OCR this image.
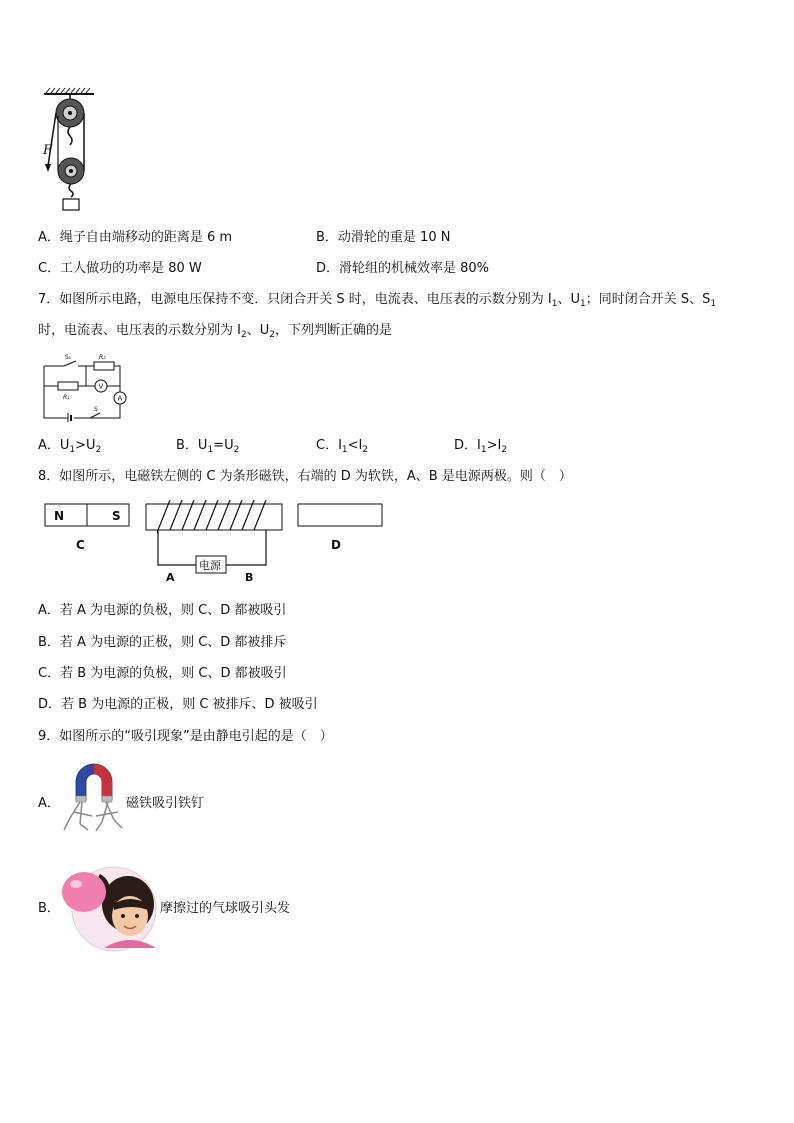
F
A．绳子自由端移动的距离是 6 m	B．动滑轮的重是 10 N
C．工人做功的功率是 80 W	D．滑轮组的机械效率是 80%
7．如图所示电路，电源电压保持不变．只闭合开关 S 时，电流表、电压表的示数分别为 $I_1$、$U_1$；同时闭合开关 S、$S_1$
时，电流表、电压表的示数分别为 $I_2$、$U_2$，下列判断正确的是
S₁	R₂
R₁
V
A
S
A．$U_1>U_2$	B．$U_1=U_2$	C．$I_1<I_2$	D．$I_1>I_2$
8．如图所示，电磁铁左侧的 C 为条形磁铁，右端的 D 为软铁，A、B 是电源两极。则（　）
N	S
C
电源
A	B
D
A．若 A 为电源的负极，则 C、D 都被吸引
B．若 A 为电源的正极，则 C、D 都被排斥
C．若 B 为电源的负极，则 C、D 都被吸引
D．若 B 为电源的正极，则 C 被排斥、D 被吸引
9．如图所示的“吸引现象”是由静电引起的是（　）
A．	磁铁吸引铁钉
B．	摩擦过的气球吸引头发
